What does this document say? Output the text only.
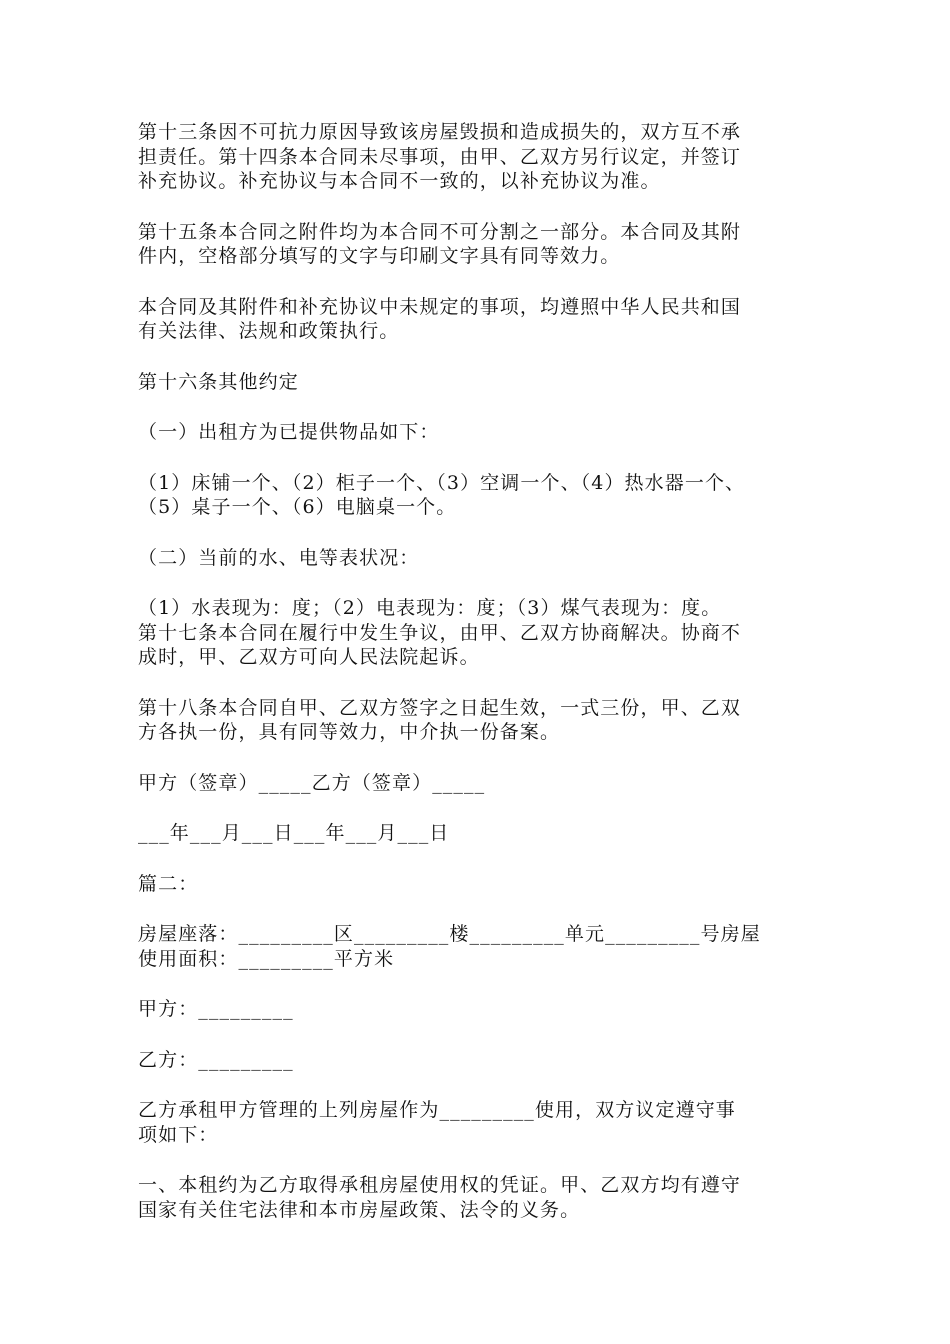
第十三条因不可抗力原因导致该房屋毁损和造成损失的，双方互不承
担责任。第十四条本合同未尽事项，由甲、乙双方另行议定，并签订
补充协议。补充协议与本合同不一致的，以补充协议为准。

第十五条本合同之附件均为本合同不可分割之一部分。本合同及其附
件内，空格部分填写的文字与印刷文字具有同等效力。

本合同及其附件和补充协议中未规定的事项，均遵照中华人民共和国
有关法律、法规和政策执行。

第十六条其他约定

（一）出租方为已提供物品如下：

（1）床铺一个、（2）柜子一个、（3）空调一个、（4）热水器一个、
（5）桌子一个、（6）电脑桌一个。

（二）当前的水、电等表状况：

（1）水表现为：度；（2）电表现为：度；（3）煤气表现为：度。
第十七条本合同在履行中发生争议，由甲、乙双方协商解决。协商不
成时，甲、乙双方可向人民法院起诉。

第十八条本合同自甲、乙双方签字之日起生效，一式三份，甲、乙双
方各执一份，具有同等效力，中介执一份备案。

甲方（签章）_____乙方（签章）_____

___年___月___日___年___月___日

篇二：

房屋座落：_________区_________楼_________单元_________号房屋
使用面积：_________平方米

甲方：_________

乙方：_________

乙方承租甲方管理的上列房屋作为_________使用，双方议定遵守事
项如下：

一、本租约为乙方取得承租房屋使用权的凭证。甲、乙双方均有遵守
国家有关住宅法律和本市房屋政策、法令的义务。
